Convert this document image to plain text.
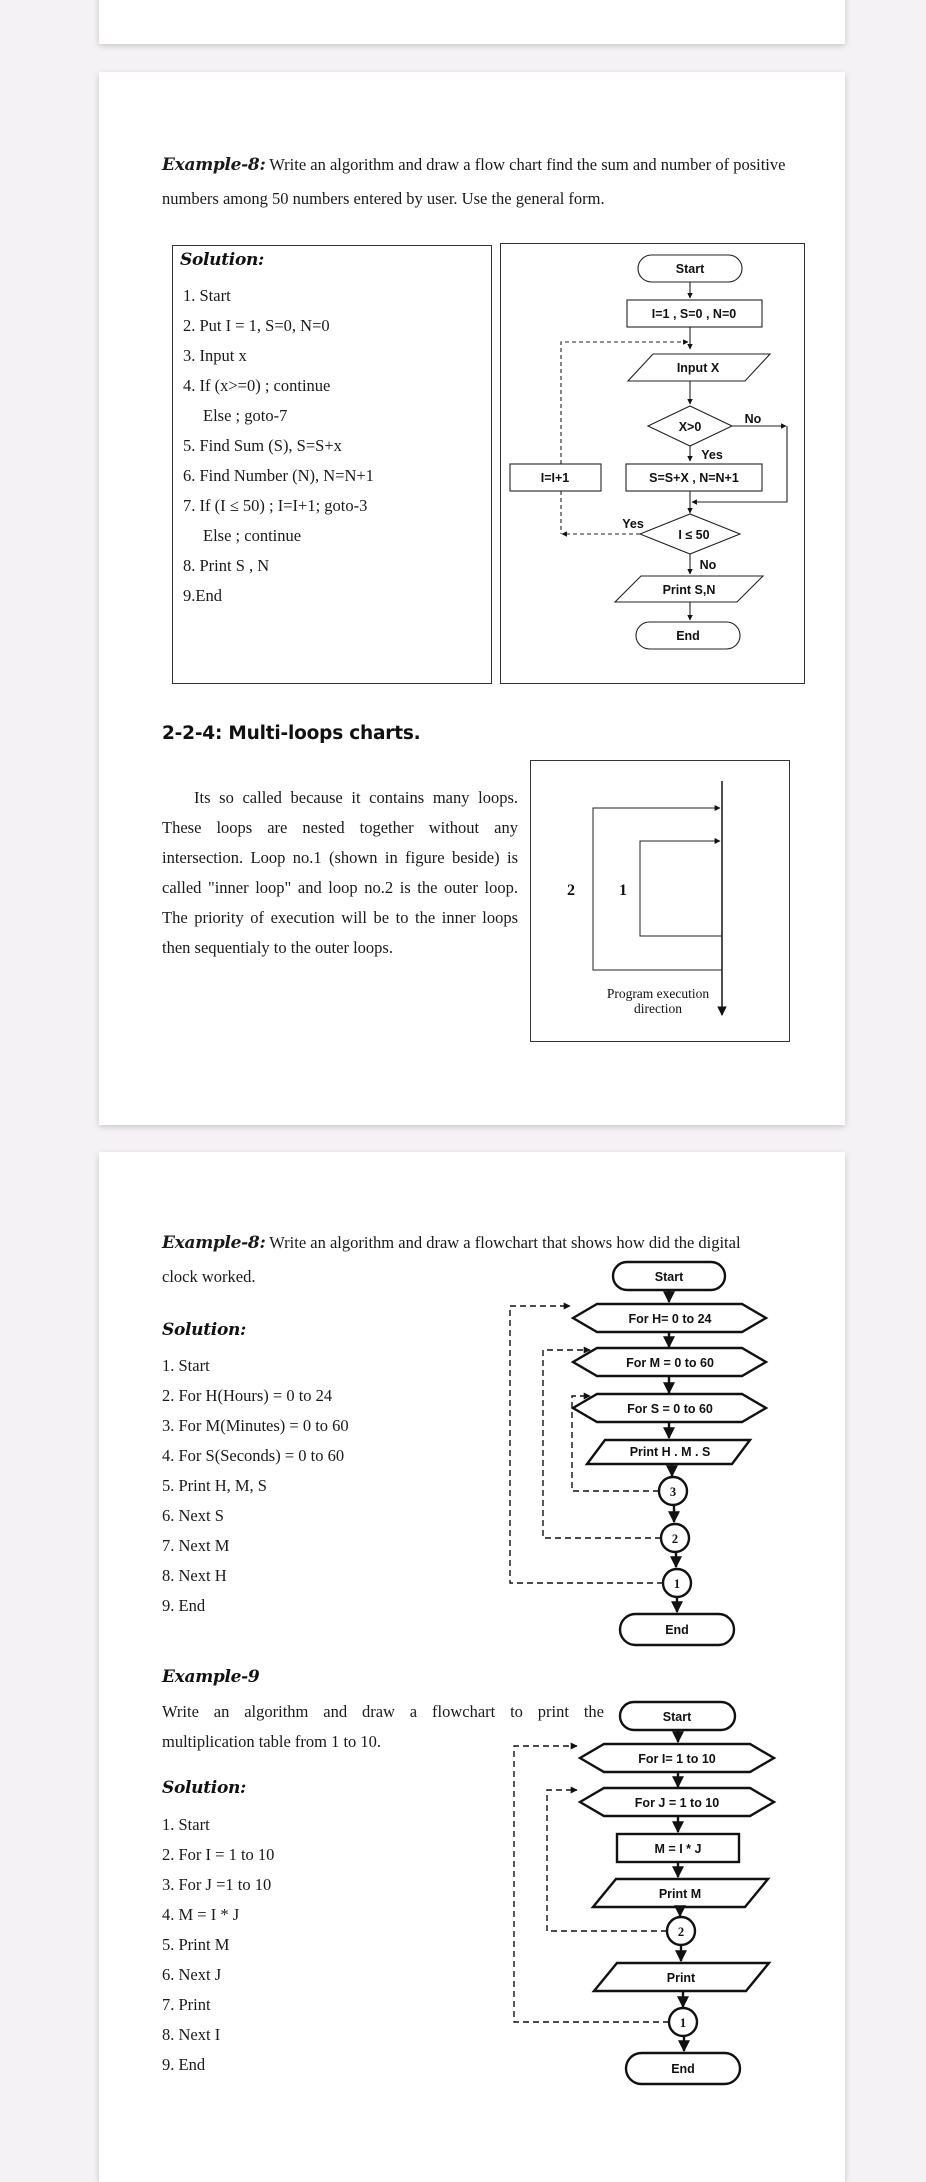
Example-8: Write an algorithm and draw a flow chart find the sum and number of positive
numbers among 50 numbers entered by user. Use the general form.
Solution:
1. Start
2. Put I = 1, S=0, N=0
3. Input x
4. If (x>=0) ; continue
Else ; goto-7
5. Find Sum (S), S=S+x
6. Find Number (N), N=N+1
7. If (I ≤ 50) ; I=I+1; goto-3
Else ; continue
8. Print S , N
9.End
Start
I=1 , S=0 , N=0
Input X
X>0
No
Yes
S=S+X , N=N+1
I=I+1
I ≤ 50
Yes
No
Print S,N
End
2-2-4: Multi-loops charts.
Its so called because it contains many loops. These loops are nested together without any intersection. Loop no.1 (shown in figure beside) is called "inner loop" and loop no.2 is the outer loop. The priority of execution will be to the inner loops then sequentialy to the outer loops.
2	1
Program execution
direction
Example-8: Write an algorithm and draw a flowchart that shows how did the digital
clock worked.
Solution:
1. Start
2. For H(Hours) = 0 to 24
3. For M(Minutes) = 0 to 60
4. For S(Seconds) = 0 to 60
5. Print H, M, S
6. Next S
7. Next M
8. Next H
9. End
Start
For H= 0 to 24
For M = 0 to 60
For S = 0 to 60
Print H . M . S
3
2
1
End
Example-9
Write an algorithm and draw a flowchart to print the
multiplication table from 1 to 10.
Solution:
1. Start
2. For I = 1 to 10
3. For J =1 to 10
4. M = I * J
5. Print M
6. Next J
7. Print
8. Next I
9. End
Start
For I= 1 to 10
For J = 1 to 10
M = I * J
Print M
2
Print
1
End
